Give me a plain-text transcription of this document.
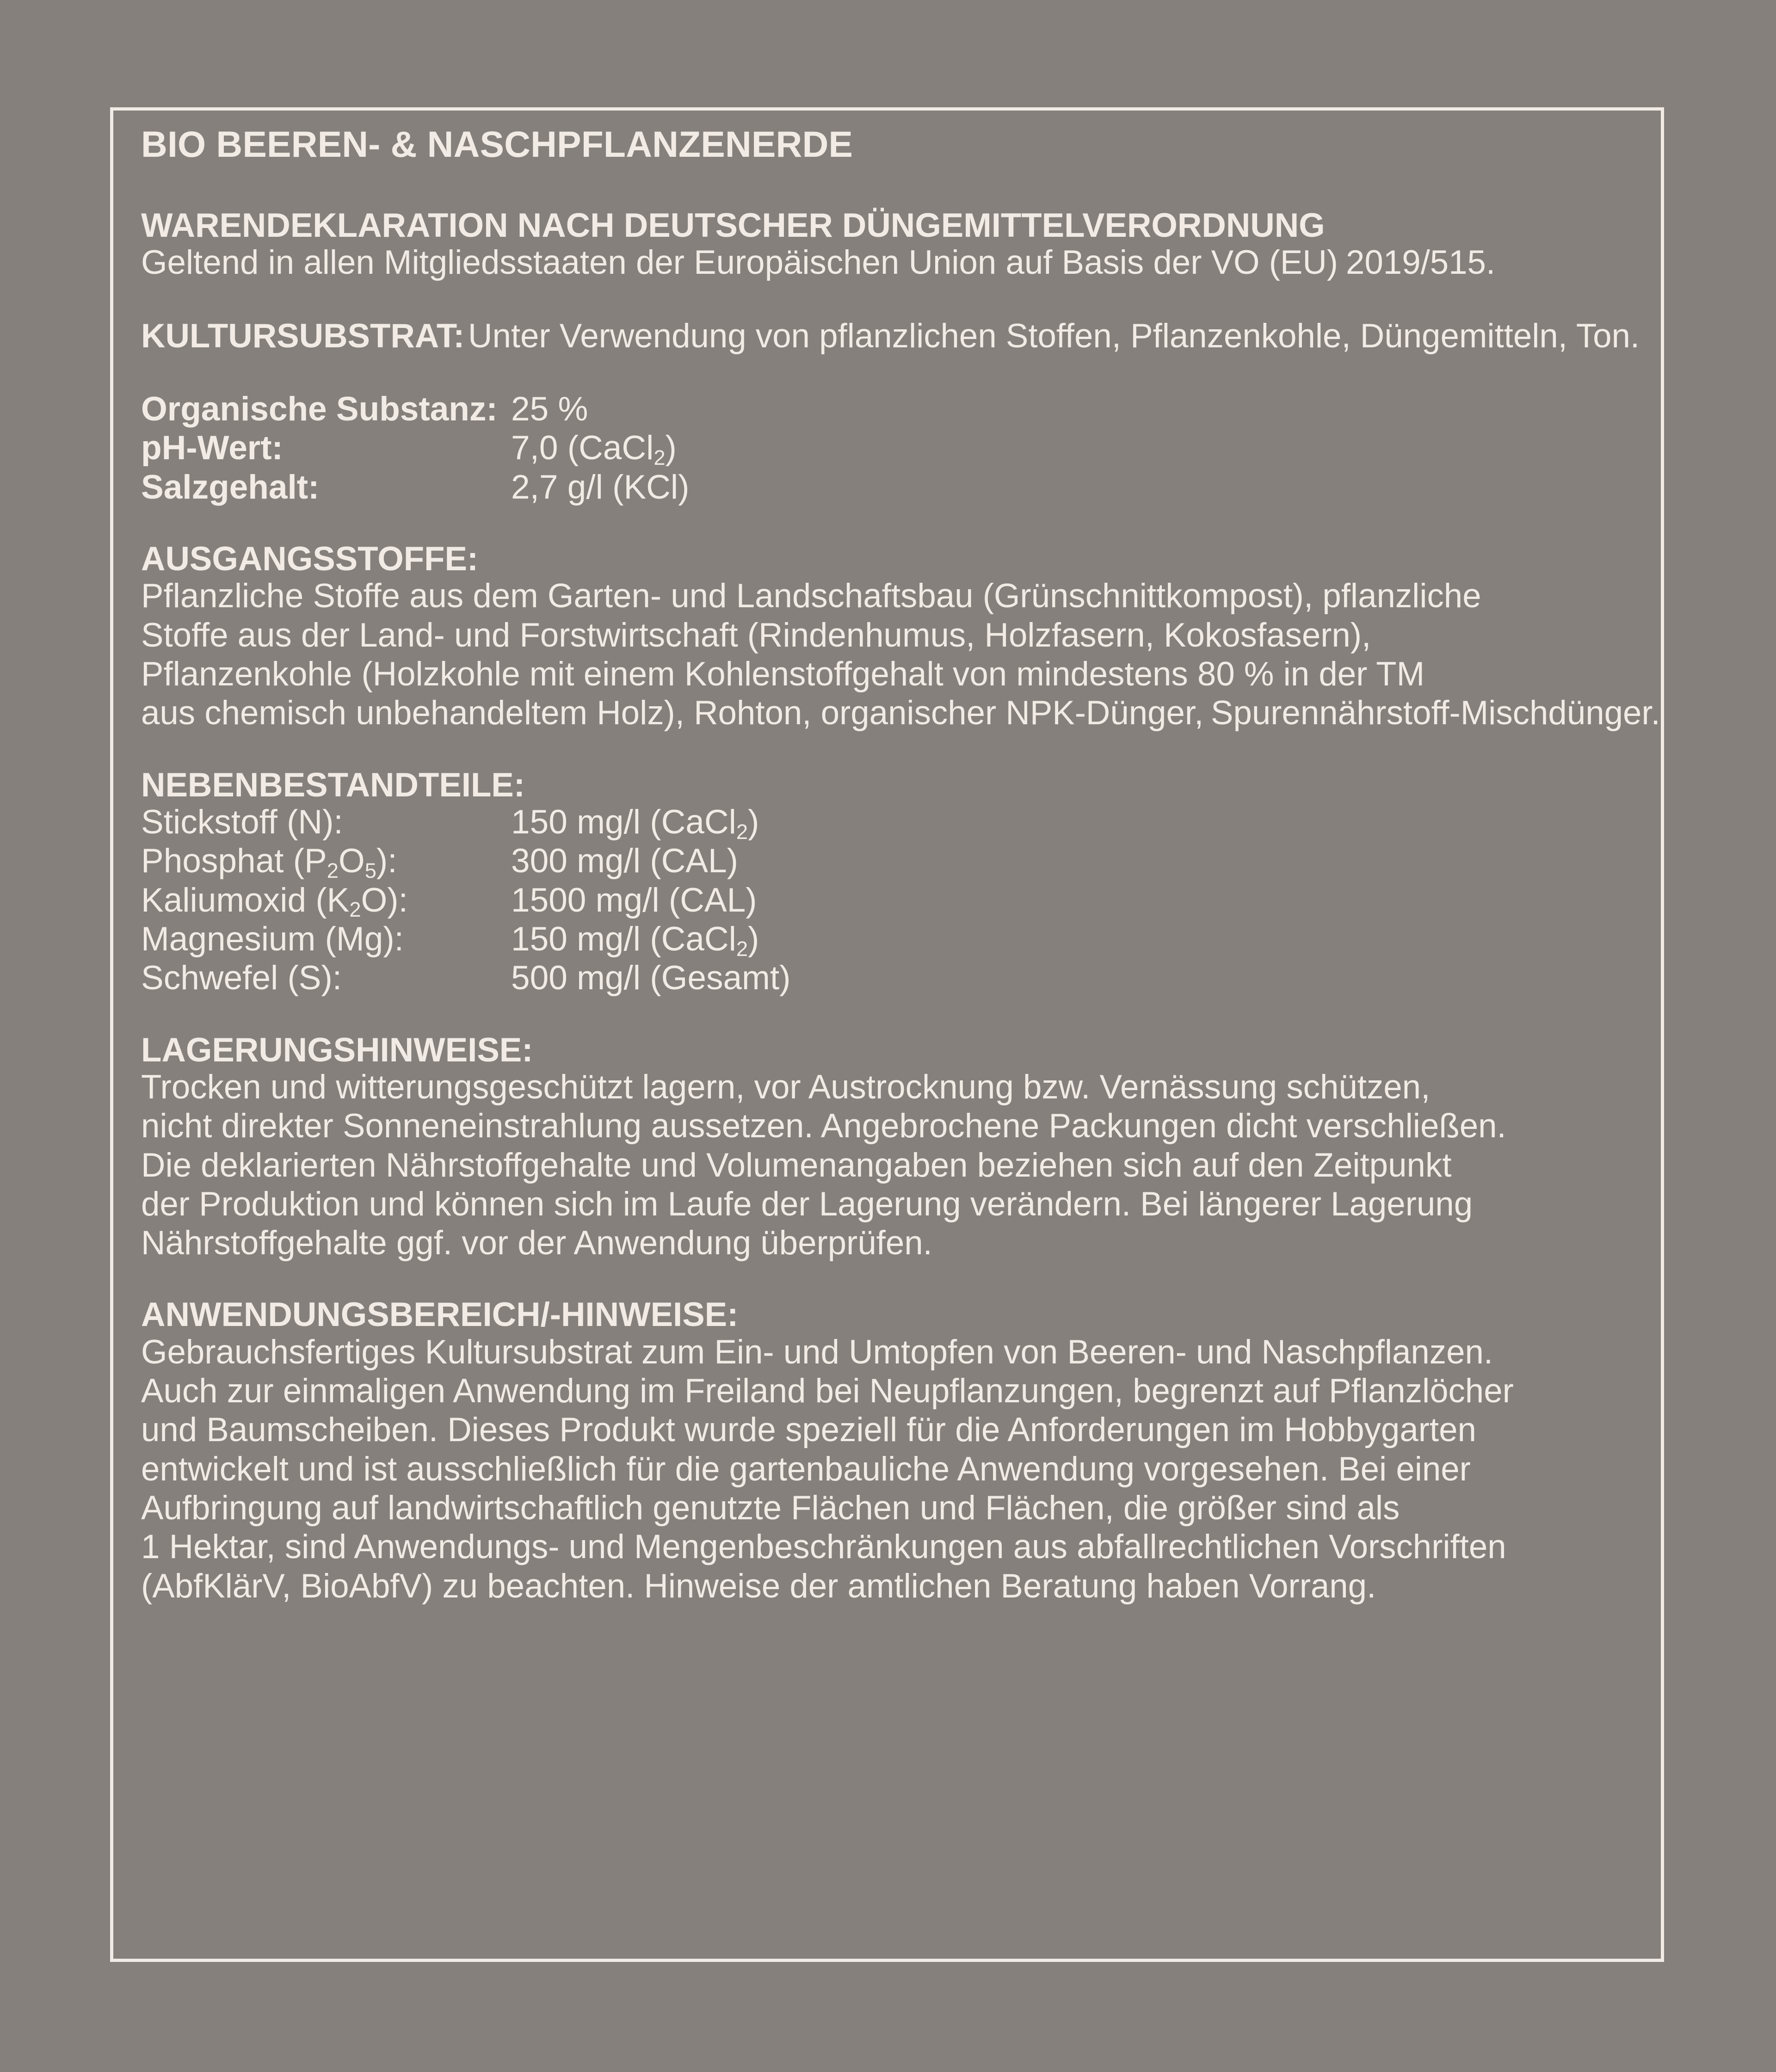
BIO BEEREN- & NASCHPFLANZENERDE
WARENDEKLARATION NACH DEUTSCHER DÜNGEMITTELVERORDNUNG Geltend in allen Mitgliedsstaaten der Europäischen Union auf Basis der VO (EU) 2019/515.
KULTURSUBSTRAT: Unter Verwendung von pflanzlichen Stoffen, Pflanzenkohle, Düngemitteln, Ton.
Organische Substanz: 25 %
pH-Wert:	7,0 (CaCl$_2$)
Salzgehalt:	2,7 g/l (KCl)
AUSGANGSSTOFFE: Pflanzliche Stoffe aus dem Garten- und Landschaftsbau (Grünschnittkompost), pflanzliche Stoffe aus der Land- und Forstwirtschaft (Rindenhumus, Holzfasern, Kokosfasern), Pflanzenkohle (Holzkohle mit einem Kohlenstoffgehalt von mindestens 80 % in der TM aus chemisch unbehandeltem Holz), Rohton, organischer NPK-Dünger, Spurennährstoff-Mischdünger.
NEBENBESTANDTEILE:
Stickstoff (N):	150 mg/l (CaCl$_2$)
Phosphat $(P_2O_5)$:	300 mg/l (CAL)
Kaliumoxid $(K_2O)$:	1500 mg/l (CAL)
Magnesium (Mg):	150 mg/l (CaCl$_2$)
Schwefel (S):	500 mg/l (Gesamt)
LAGERUNGSHINWEISE: Trocken und witterungsgeschützt lagern, vor Austrocknung bzw. Vernässung schützen, nicht direkter Sonneneinstrahlung aussetzen. Angebrochene Packungen dicht verschließen. Die deklarierten Nährstoffgehalte und Volumenangaben beziehen sich auf den Zeitpunkt der Produktion und können sich im Laufe der Lagerung verändern. Bei längerer Lagerung Nährstoffgehalte ggf. vor der Anwendung überprüfen.
ANWENDUNGSBEREICH/-HINWEISE: Gebrauchsfertiges Kultursubstrat zum Ein- und Umtopfen von Beeren- und Naschpflanzen. Auch zur einmaligen Anwendung im Freiland bei Neupflanzungen, begrenzt auf Pflanzlöcher und Baumscheiben. Dieses Produkt wurde speziell für die Anforderungen im Hobbygarten entwickelt und ist ausschließlich für die gartenbauliche Anwendung vorgesehen. Bei einer Aufbringung auf landwirtschaftlich genutzte Flächen und Flächen, die größer sind als 1 Hektar, sind Anwendungs- und Mengenbeschränkungen aus abfallrechtlichen Vorschriften (AbfKlärV, BioAbfV) zu beachten. Hinweise der amtlichen Beratung haben Vorrang.
